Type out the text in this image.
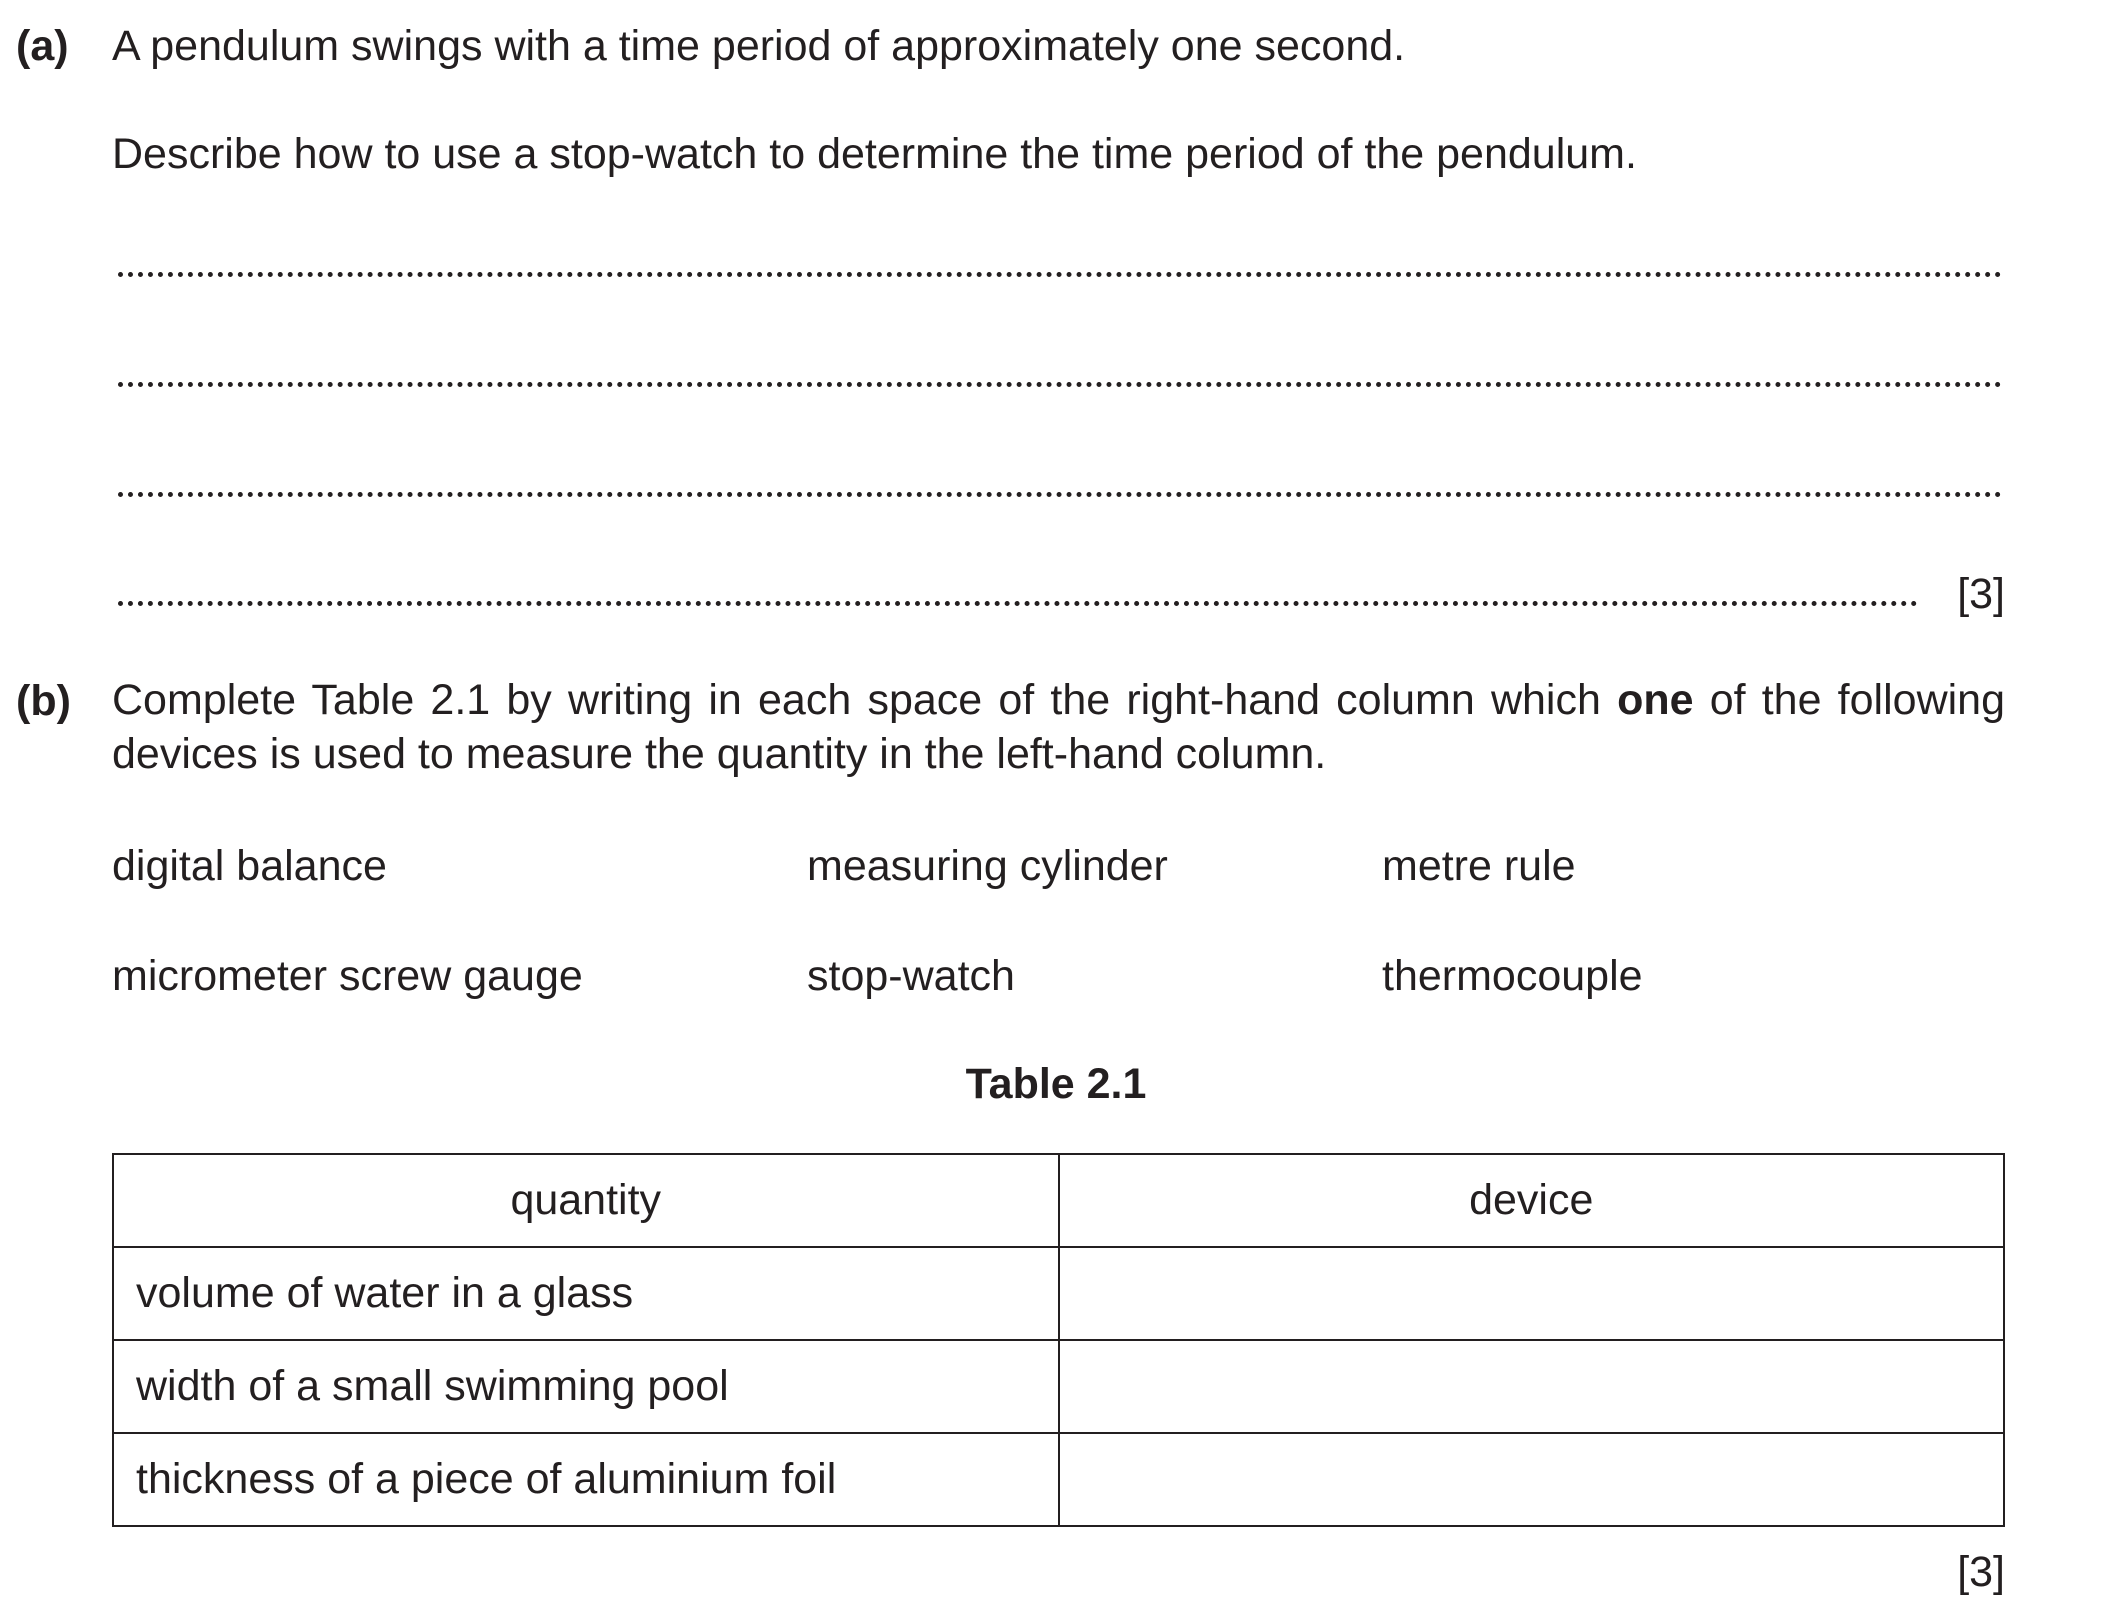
(a) A pendulum swings with a time period of approximately one second.
Describe how to use a stop-watch to determine the time period of the pendulum.
[3]
(b) Complete Table 2.1 by writing in each space of the right-hand column which one of the following devices is used to measure the quantity in the left-hand column.
digital balance	measuring cylinder	metre rule
micrometer screw gauge	stop-watch	thermocouple
Table 2.1
quantity	device
volume of water in a glass	
width of a small swimming pool	
thickness of a piece of aluminium foil	
[3]
